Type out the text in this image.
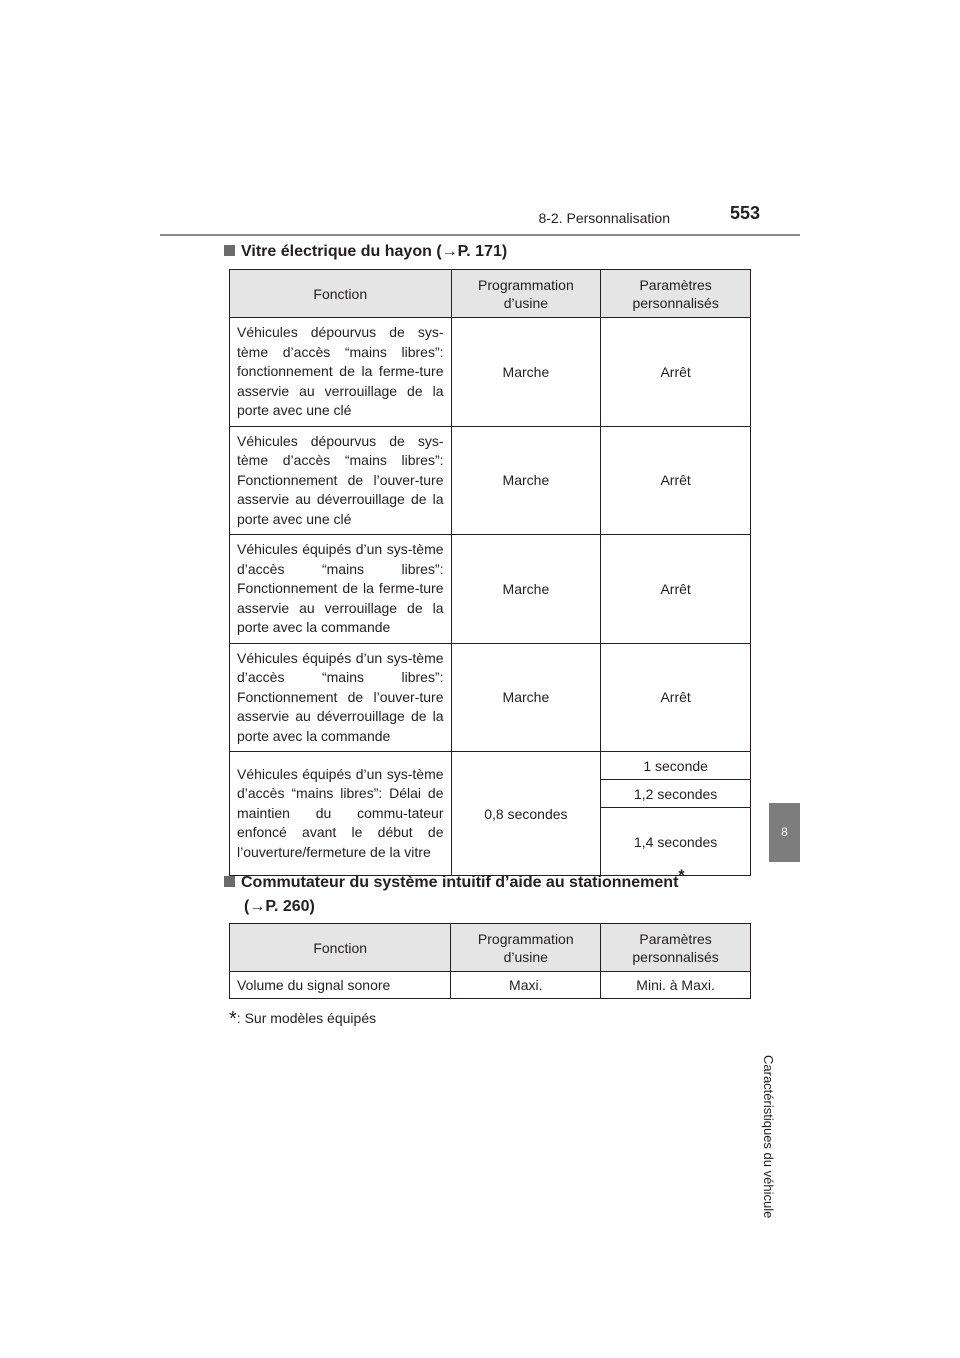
8-2. Personnalisation	553
8
Caractéristiques du véhicule
Vitre électrique du hayon (→P. 171)
Fonction	Programmation d’usine	Paramètres personnalisés
Véhicules dépourvus de sys-tème d’accès “mains libres”: fonctionnement de la ferme-ture asservie au verrouillage de la porte avec une clé	Marche	Arrêt
Véhicules dépourvus de sys-tème d’accès “mains libres”: Fonctionnement de l’ouver-ture asservie au déverrouillage de la porte avec une clé	Marche	Arrêt
Véhicules équipés d’un sys-tème d’accès “mains libres”: Fonctionnement de la ferme-ture asservie au verrouillage de la porte avec la commande	Marche	Arrêt
Véhicules équipés d’un sys-tème d’accès “mains libres”: Fonctionnement de l’ouver-ture asservie au déverrouillage de la porte avec la commande	Marche	Arrêt
Véhicules équipés d’un sys-tème d’accès “mains libres”: Délai de maintien du commu-tateur enfoncé avant le début de l’ouverture/fermeture de la vitre	0,8 secondes	1 seconde
		1,2 secondes
		1,4 secondes
Commutateur du système intuitif d’aide au stationnement*
(→P. 260)
Fonction	Programmation d’usine	Paramètres personnalisés
Volume du signal sonore	Maxi.	Mini. à Maxi.
*: Sur modèles équipés
